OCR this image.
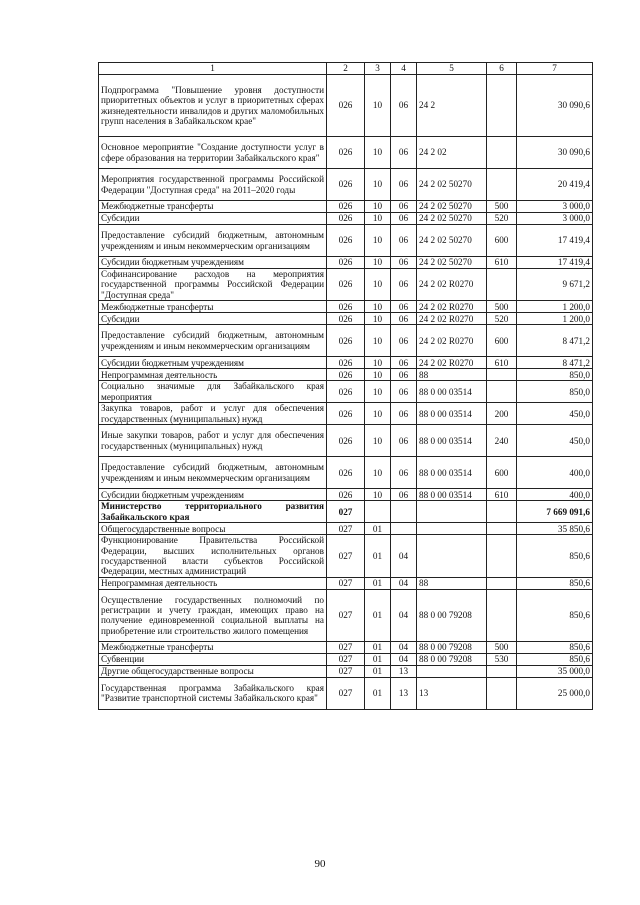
1	2	3	4	5	6	7
Подпрограмма "Повышение уровня доступности приоритетных объектов и услуг в приоритетных сферах жизнедеятельности инвалидов и других маломобильных групп населения в Забайкальском крае"	026	10	06	24 2		30 090,6
Основное мероприятие "Создание доступности услуг в сфере образования на территории Забайкальского края"	026	10	06	24 2 02		30 090,6
Мероприятия государственной программы Российской Федерации "Доступная среда" на 2011–2020 годы	026	10	06	24 2 02 50270		20 419,4
Межбюджетные трансферты	026	10	06	24 2 02 50270	500	3 000,0
Субсидии	026	10	06	24 2 02 50270	520	3 000,0
Предоставление субсидий бюджетным, автономным учреждениям и иным некоммерческим организациям	026	10	06	24 2 02 50270	600	17 419,4
Субсидии бюджетным учреждениям	026	10	06	24 2 02 50270	610	17 419,4
Софинансирование расходов на мероприятия государственной программы Российской Федерации "Доступная среда"	026	10	06	24 2 02 R0270		9 671,2
Межбюджетные трансферты	026	10	06	24 2 02 R0270	500	1 200,0
Субсидии	026	10	06	24 2 02 R0270	520	1 200,0
Предоставление субсидий бюджетным, автономным учреждениям и иным некоммерческим организациям	026	10	06	24 2 02 R0270	600	8 471,2
Субсидии бюджетным учреждениям	026	10	06	24 2 02 R0270	610	8 471,2
Непрограммная деятельность	026	10	06	88		850,0
Социально значимые для Забайкальского края мероприятия	026	10	06	88 0 00 03514		850,0
Закупка товаров, работ и услуг для обеспечения государственных (муниципальных) нужд	026	10	06	88 0 00 03514	200	450,0
Иные закупки товаров, работ и услуг для обеспечения государственных (муниципальных) нужд	026	10	06	88 0 00 03514	240	450,0
Предоставление субсидий бюджетным, автономным учреждениям и иным некоммерческим организациям	026	10	06	88 0 00 03514	600	400,0
Субсидии бюджетным учреждениям	026	10	06	88 0 00 03514	610	400,0
Министерство территориального развития Забайкальского края	027					7 669 091,6
Общегосударственные вопросы	027	01				35 850,6
Функционирование Правительства Российской Федерации, высших исполнительных органов государственной власти субъектов Российской Федерации, местных администраций	027	01	04			850,6
Непрограммная деятельность	027	01	04	88		850,6
Осуществление государственных полномочий по регистрации и учету граждан, имеющих право на получение единовременной социальной выплаты на приобретение или строительство жилого помещения	027	01	04	88 0 00 79208		850,6
Межбюджетные трансферты	027	01	04	88 0 00 79208	500	850,6
Субвенции	027	01	04	88 0 00 79208	530	850,6
Другие общегосударственные вопросы	027	01	13			35 000,0
Государственная программа Забайкальского края "Развитие транспортной системы Забайкальского края"	027	01	13	13		25 000,0
90
